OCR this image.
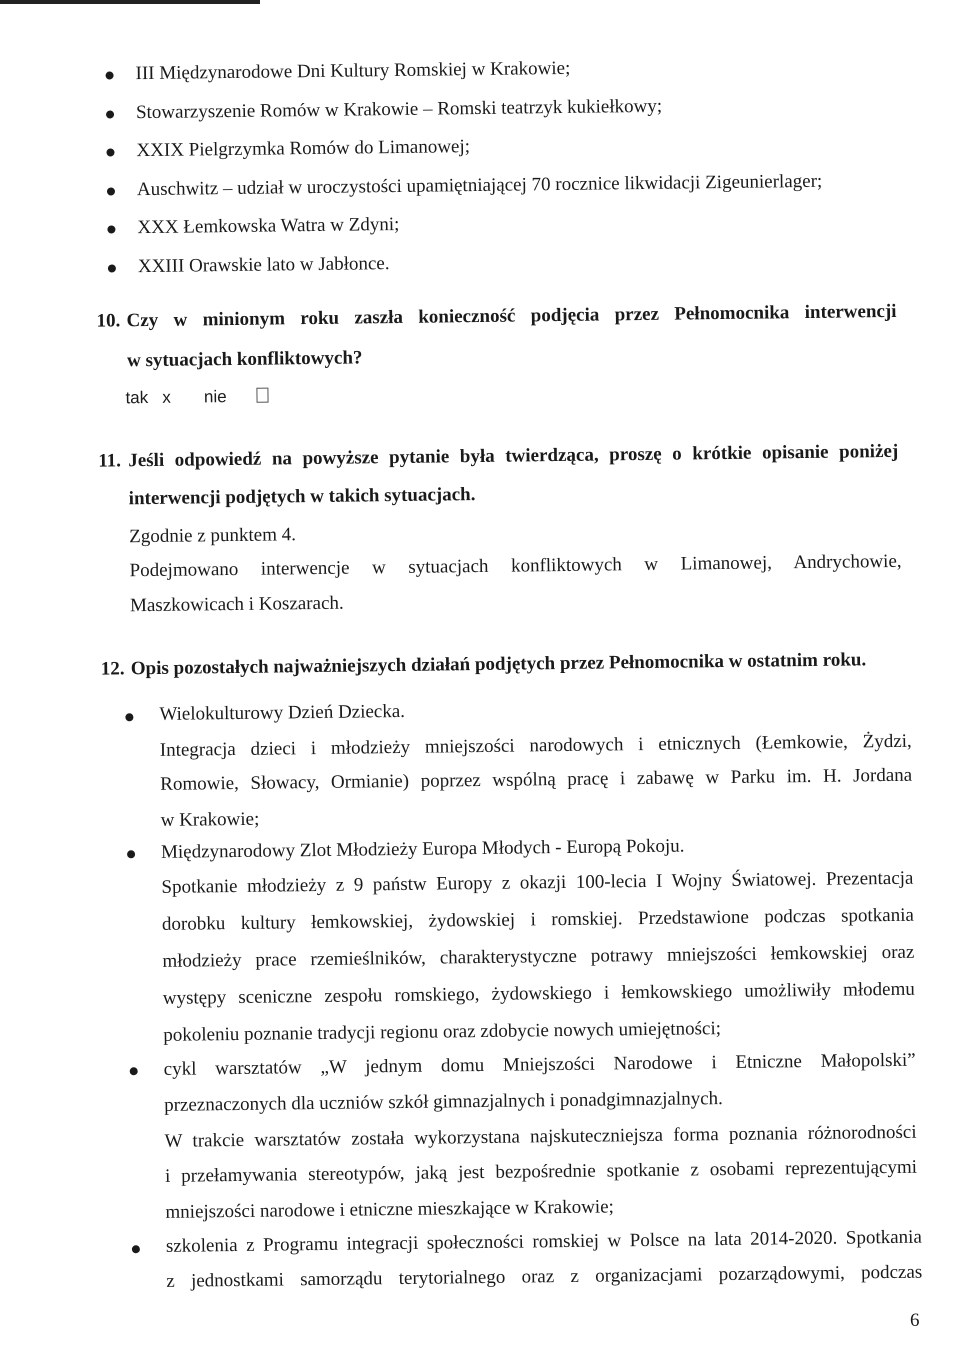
III Międzynarodowe Dni Kultury Romskiej w Krakowie;
Stowarzyszenie Romów w Krakowie – Romski teatrzyk kukiełkowy;
XXIX Pielgrzymka Romów do Limanowej;
Auschwitz – udział w uroczystości upamiętniającej 70 rocznice likwidacji Zigeunierlager;
XXX Łemkowska Watra w Zdyni;
XXIII Orawskie lato w Jabłonce.
10. Czy w minionym roku zaszła konieczność podjęcia przez Pełnomocnika interwencji
w sytuacjach konfliktowych?
tak x nie
11. Jeśli odpowiedź na powyższe pytanie była twierdząca, proszę o krótkie opisanie poniżej
interwencji podjętych w takich sytuacjach.
Zgodnie z punktem 4.
Podejmowano interwencje w sytuacjach konfliktowych w Limanowej, Andrychowie,
Maszkowicach i Koszarach.
12. Opis pozostałych najważniejszych działań podjętych przez Pełnomocnika w ostatnim roku.
Wielokulturowy Dzień Dziecka.
Integracja dzieci i młodzieży mniejszości narodowych i etnicznych (Łemkowie, Żydzi,
Romowie, Słowacy, Ormianie) poprzez wspólną pracę i zabawę w Parku im. H. Jordana
w Krakowie;
Międzynarodowy Zlot Młodzieży Europa Młodych - Europą Pokoju.
Spotkanie młodzieży z 9 państw Europy z okazji 100-lecia I Wojny Światowej. Prezentacja
dorobku kultury łemkowskiej, żydowskiej i romskiej. Przedstawione podczas spotkania
młodzieży prace rzemieślników, charakterystyczne potrawy mniejszości łemkowskiej oraz
występy sceniczne zespołu romskiego, żydowskiego i łemkowskiego umożliwiły młodemu
pokoleniu poznanie tradycji regionu oraz zdobycie nowych umiejętności;
cykl warsztatów „W jednym domu Mniejszości Narodowe i Etniczne Małopolski”
przeznaczonych dla uczniów szkół gimnazjalnych i ponadgimnazjalnych.
W trakcie warsztatów została wykorzystana najskuteczniejsza forma poznania różnorodności
i przełamywania stereotypów, jaką jest bezpośrednie spotkanie z osobami reprezentującymi
mniejszości narodowe i etniczne mieszkające w Krakowie;
szkolenia z Programu integracji społeczności romskiej w Polsce na lata 2014-2020. Spotkania
z jednostkami samorządu terytorialnego oraz z organizacjami pozarządowymi, podczas
6
